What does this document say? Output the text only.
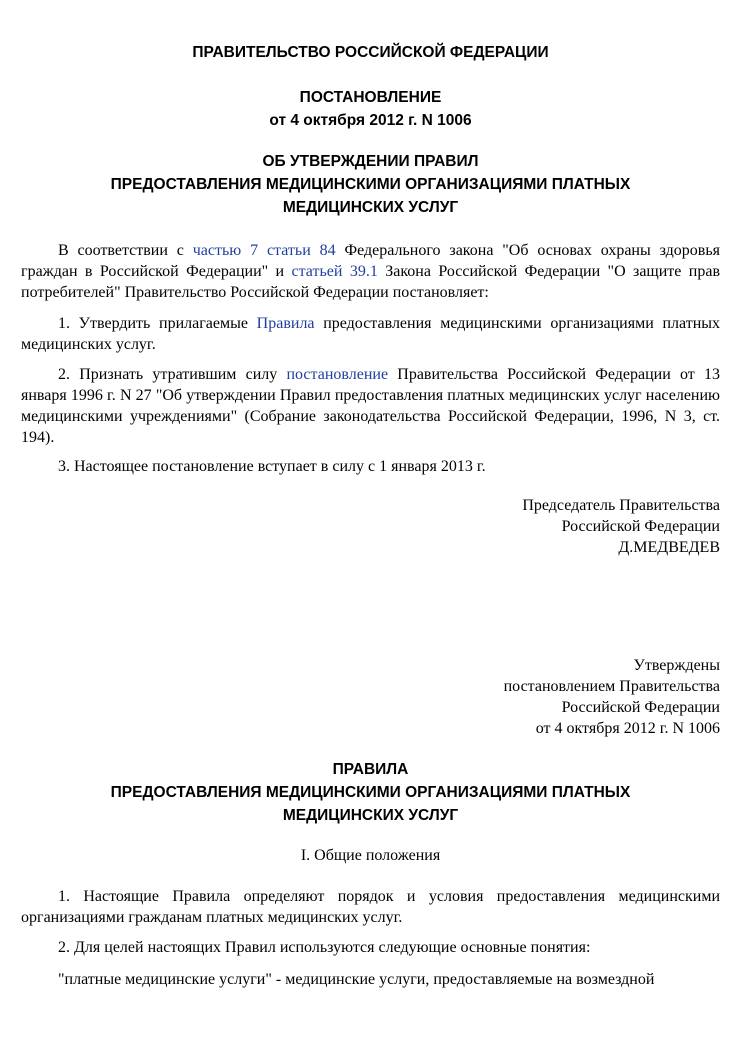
ПРАВИТЕЛЬСТВО РОССИЙСКОЙ ФЕДЕРАЦИИ

ПОСТАНОВЛЕНИЕ

от 4 октября 2012 г. N 1006

ОБ УТВЕРЖДЕНИИ ПРАВИЛ

ПРЕДОСТАВЛЕНИЯ МЕДИЦИНСКИМИ ОРГАНИЗАЦИЯМИ ПЛАТНЫХ

МЕДИЦИНСКИХ УСЛУГ

В соответствии с частью 7 статьи 84 Федерального закона "Об основах охраны здоровья граждан в Российской Федерации" и статьей 39.1 Закона Российской Федерации "О защите прав потребителей" Правительство Российской Федерации постановляет:

1. Утвердить прилагаемые Правила предоставления медицинскими организациями платных медицинских услуг.

2. Признать утратившим силу постановление Правительства Российской Федерации от 13 января 1996 г. N 27 "Об утверждении Правил предоставления платных медицинских услуг населению медицинскими учреждениями" (Собрание законодательства Российской Федерации, 1996, N 3, ст. 194).

3. Настоящее постановление вступает в силу с 1 января 2013 г.

Председатель Правительства

Российской Федерации

Д.МЕДВЕДЕВ

Утверждены

постановлением Правительства

Российской Федерации

от 4 октября 2012 г. N 1006

ПРАВИЛА

ПРЕДОСТАВЛЕНИЯ МЕДИЦИНСКИМИ ОРГАНИЗАЦИЯМИ ПЛАТНЫХ

МЕДИЦИНСКИХ УСЛУГ

I. Общие положения

1. Настоящие Правила определяют порядок и условия предоставления медицинскими организациями гражданам платных медицинских услуг.

2. Для целей настоящих Правил используются следующие основные понятия:

"платные медицинские услуги" - медицинские услуги, предоставляемые на возмездной
